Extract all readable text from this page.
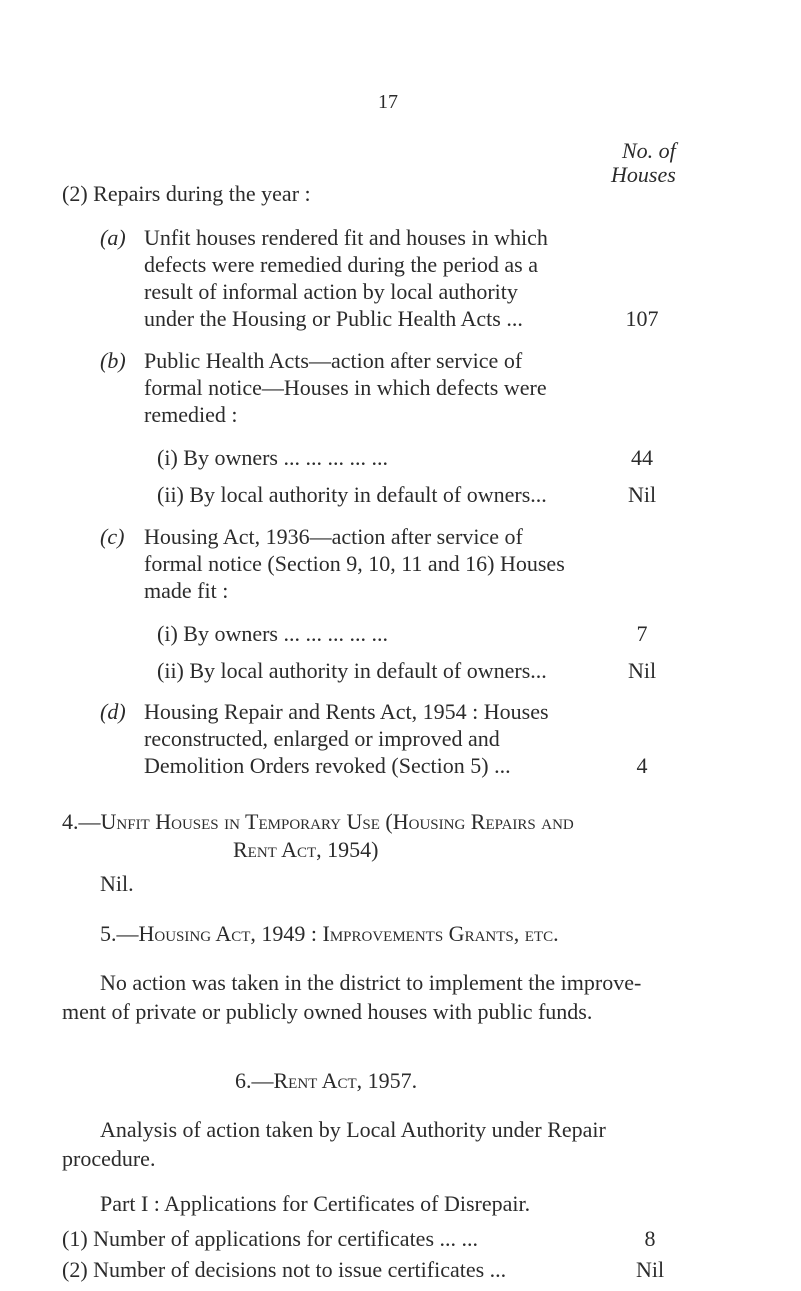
17
No. of
Houses
(2) Repairs during the year :
(a) Unfit houses rendered fit and houses in which
defects were remedied during the period as a
result of informal action by local authority
under the Housing or Public Health Acts ...	107
(b) Public Health Acts—action after service of
formal notice—Houses in which defects were
remedied :
(i) By owners ... ... ... ... ...	44
(ii) By local authority in default of owners...	Nil
(c) Housing Act, 1936—action after service of
formal notice (Section 9, 10, 11 and 16) Houses
made fit :
(i) By owners ... ... ... ... ...	7
(ii) By local authority in default of owners...	Nil
(d) Housing Repair and Rents Act, 1954 : Houses
reconstructed, enlarged or improved and
Demolition Orders revoked (Section 5) ...	4
4.—Unfit Houses in Temporary Use (Housing Repairs and
Rent Act, 1954)
Nil.
5.—Housing Act, 1949 : Improvements Grants, etc.
No action was taken in the district to implement the improve-
ment of private or publicly owned houses with public funds.
6.—Rent Act, 1957.
Analysis of action taken by Local Authority under Repair
procedure.
Part I : Applications for Certificates of Disrepair.
(1) Number of applications for certificates ... ...	8
(2) Number of decisions not to issue certificates ...	Nil
